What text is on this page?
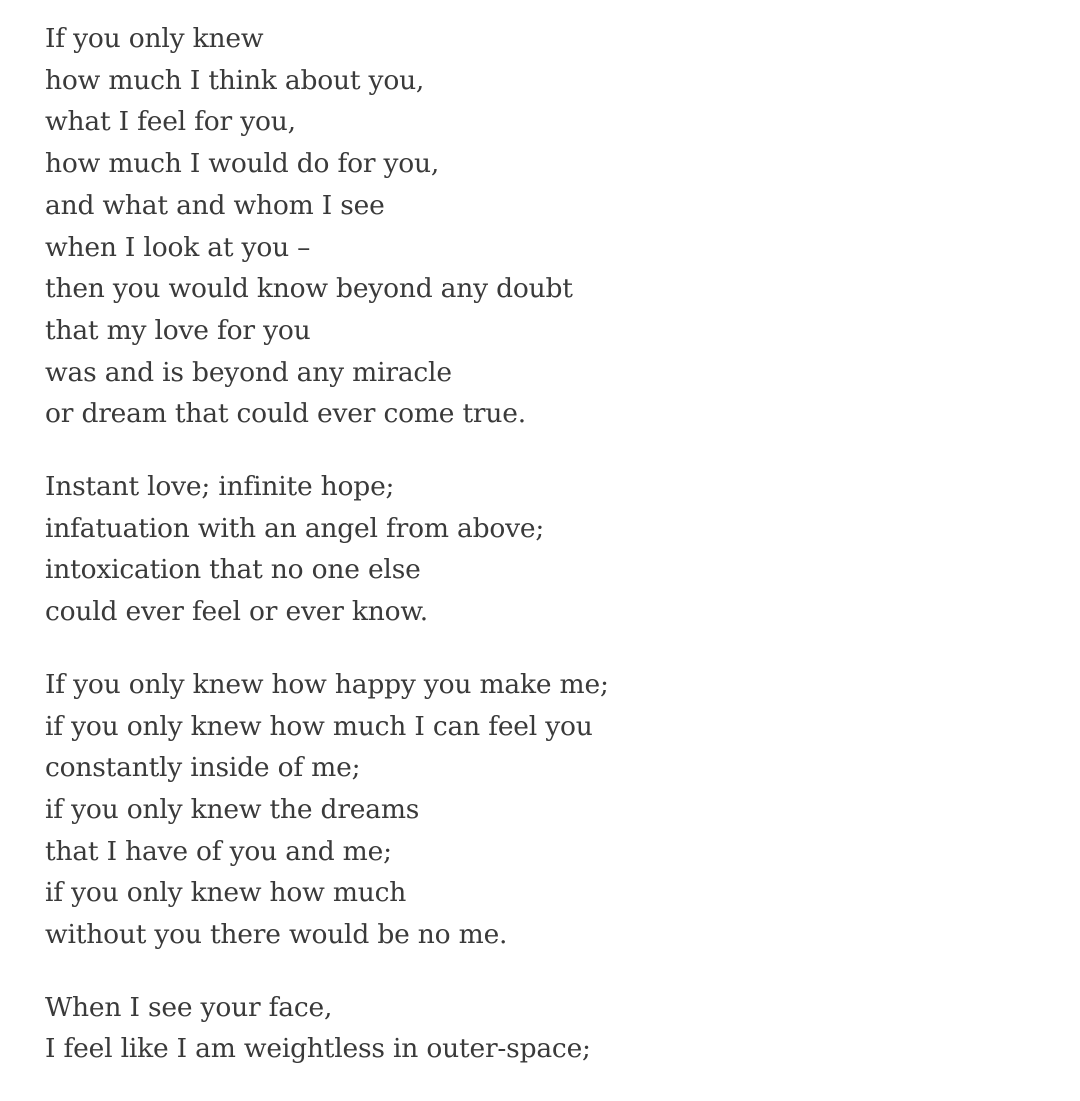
If you only knew
how much I think about you,
what I feel for you,
how much I would do for you,
and what and whom I see
when I look at you –
then you would know beyond any doubt
that my love for you
was and is beyond any miracle
or dream that could ever come true.
Instant love; infinite hope;
infatuation with an angel from above;
intoxication that no one else
could ever feel or ever know.
If you only knew how happy you make me;
if you only knew how much I can feel you
constantly inside of me;
if you only knew the dreams
that I have of you and me;
if you only knew how much
without you there would be no me.
When I see your face,
I feel like I am weightless in outer-space;
